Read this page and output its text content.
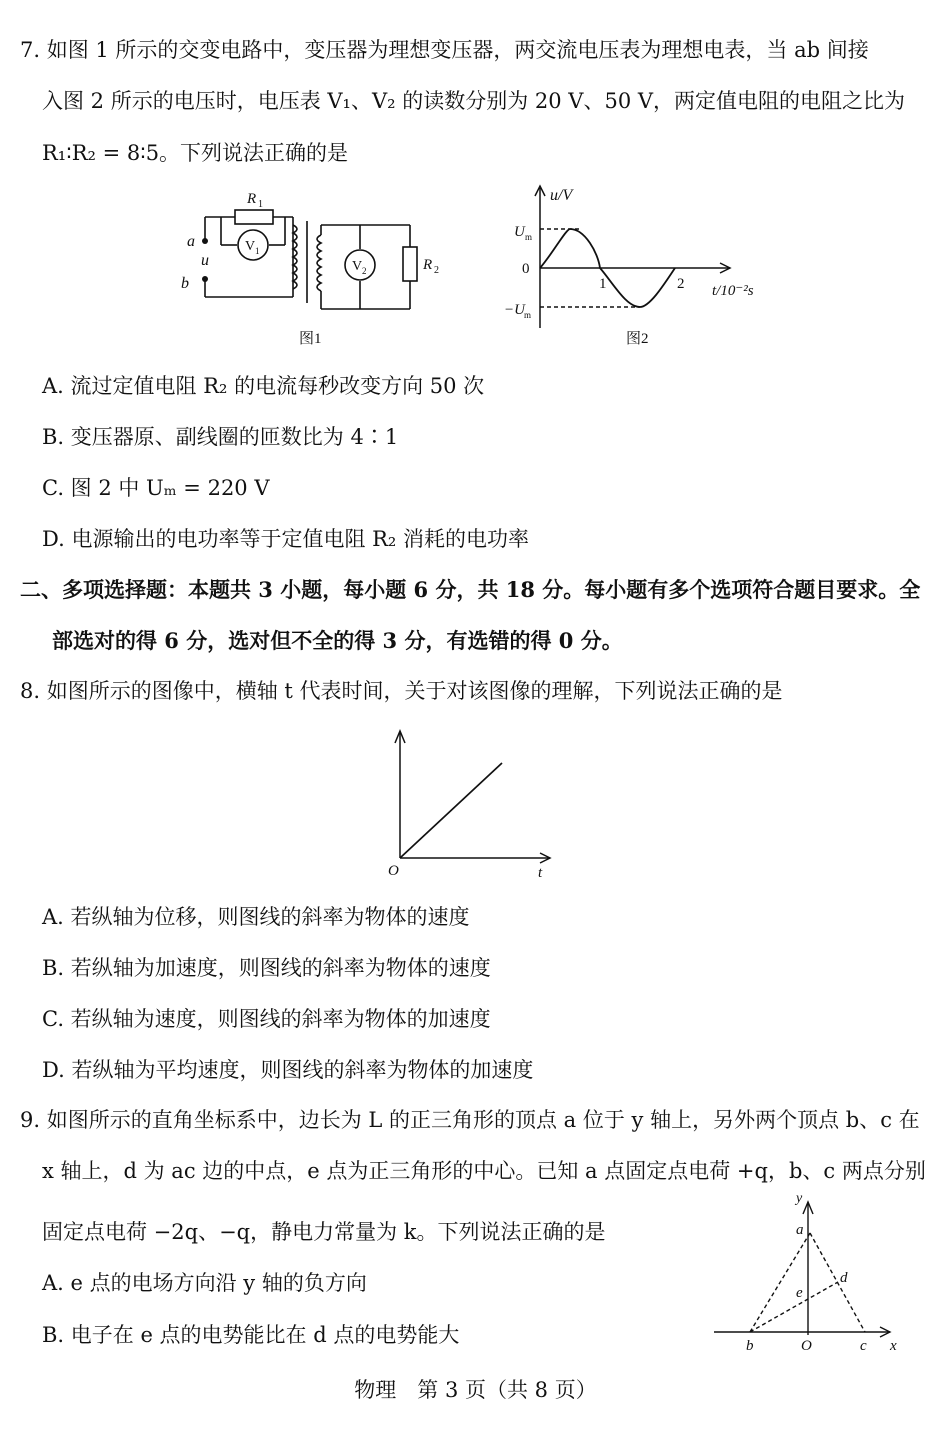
7. 如图 1 所示的交变电路中，变压器为理想变压器，两交流电压表为理想电表，当 ab 间接
入图 2 所示的电压时，电压表 V₁、V₂ 的读数分别为 20 V、50 V，两定值电阻的电阻之比为
R₁∶R₂ = 8∶5。下列说法正确的是
a
u
b
R 1
V 1
V 2	R 2
图1
u/V
U m
0
−U m
1	2 t/10⁻²s
图2
A. 流过定值电阻 R₂ 的电流每秒改变方向 50 次
B. 变压器原、副线圈的匝数比为 4∶1
C. 图 2 中 Uₘ = 220 V
D. 电源输出的电功率等于定值电阻 R₂ 消耗的电功率
二、多项选择题：本题共 3 小题，每小题 6 分，共 18 分。每小题有多个选项符合题目要求。全
部选对的得 6 分，选对但不全的得 3 分，有选错的得 0 分。
8. 如图所示的图像中，横轴 t 代表时间，关于对该图像的理解，下列说法正确的是
O	t
A. 若纵轴为位移，则图线的斜率为物体的速度
B. 若纵轴为加速度，则图线的斜率为物体的速度
C. 若纵轴为速度，则图线的斜率为物体的加速度
D. 若纵轴为平均速度，则图线的斜率为物体的加速度
9. 如图所示的直角坐标系中，边长为 L 的正三角形的顶点 a 位于 y 轴上，另外两个顶点 b、c 在
x 轴上，d 为 ac 边的中点，e 点为正三角形的中心。已知 a 点固定点电荷 +q，b、c 两点分别
固定点电荷 −2q、−q，静电力常量为 k。下列说法正确的是
A. e 点的电场方向沿 y 轴的负方向
B. 电子在 e 点的电势能比在 d 点的电势能大
y
a
d
e
b	O	c x
物理　第 3 页（共 8 页）
